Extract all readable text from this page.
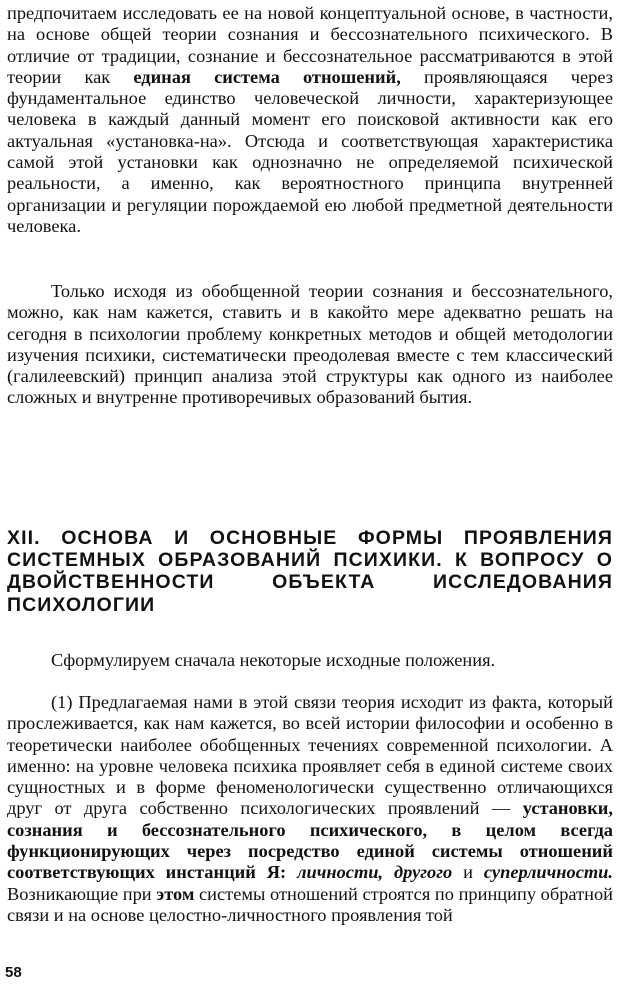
предпочитаем исследовать ее на новой концептуальной основе, в частности, на основе общей теории сознания и бессознательного психического. В отличие от традиции, сознание и бессознательное рассматриваются в этой теории как единая система отношений, проявляющаяся через фундаментальное единство человеческой личности, характеризующее человека в каждый данный момент его поисковой активности как его актуальная «установка-на». Отсюда и соответствующая характеристика самой этой установки как однозначно не определяемой психической реальности, а именно, как вероятностного принципа внутренней организации и регуляции порождаемой ею любой предметной деятельности человека.

Только исходя из обобщенной теории сознания и бессознательного, можно, как нам кажется, ставить и в какойто мере адекватно решать на сегодня в психологии проблему конкретных методов и общей методологии изучения психики, систематически преодолевая вместе с тем классический (галилеевский) принцип анализа этой структуры как одного из наиболее сложных и внутренне противоречивых образований бытия.

XII. ОСНОВА И ОСНОВНЫЕ ФОРМЫ ПРОЯВЛЕНИЯ СИСТЕМНЫХ ОБРАЗОВАНИЙ ПСИХИКИ. К ВОПРОСУ О ДВОЙСТВЕННОСТИ ОБЪЕКТА ИССЛЕДОВАНИЯ ПСИХОЛОГИИ

Сформулируем сначала некоторые исходные положения.

(1) Предлагаемая нами в этой связи теория исходит из факта, который прослеживается, как нам кажется, во всей истории философии и особенно в теоретически наиболее обобщенных течениях современной психологии. А именно: на уровне человека психика проявляет себя в единой системе своих сущностных и в форме феноменологически существенно отличающихся друг от друга собственно психологических проявлений — установки, сознания и бессознательного психического, в целом всегда функционирующих через посредство единой системы отношений соответствующих инстанций Я: личности, другого и суперличности. Возникающие при этом системы отношений строятся по принципу обратной связи и на основе целостно-личностного проявления той

58
